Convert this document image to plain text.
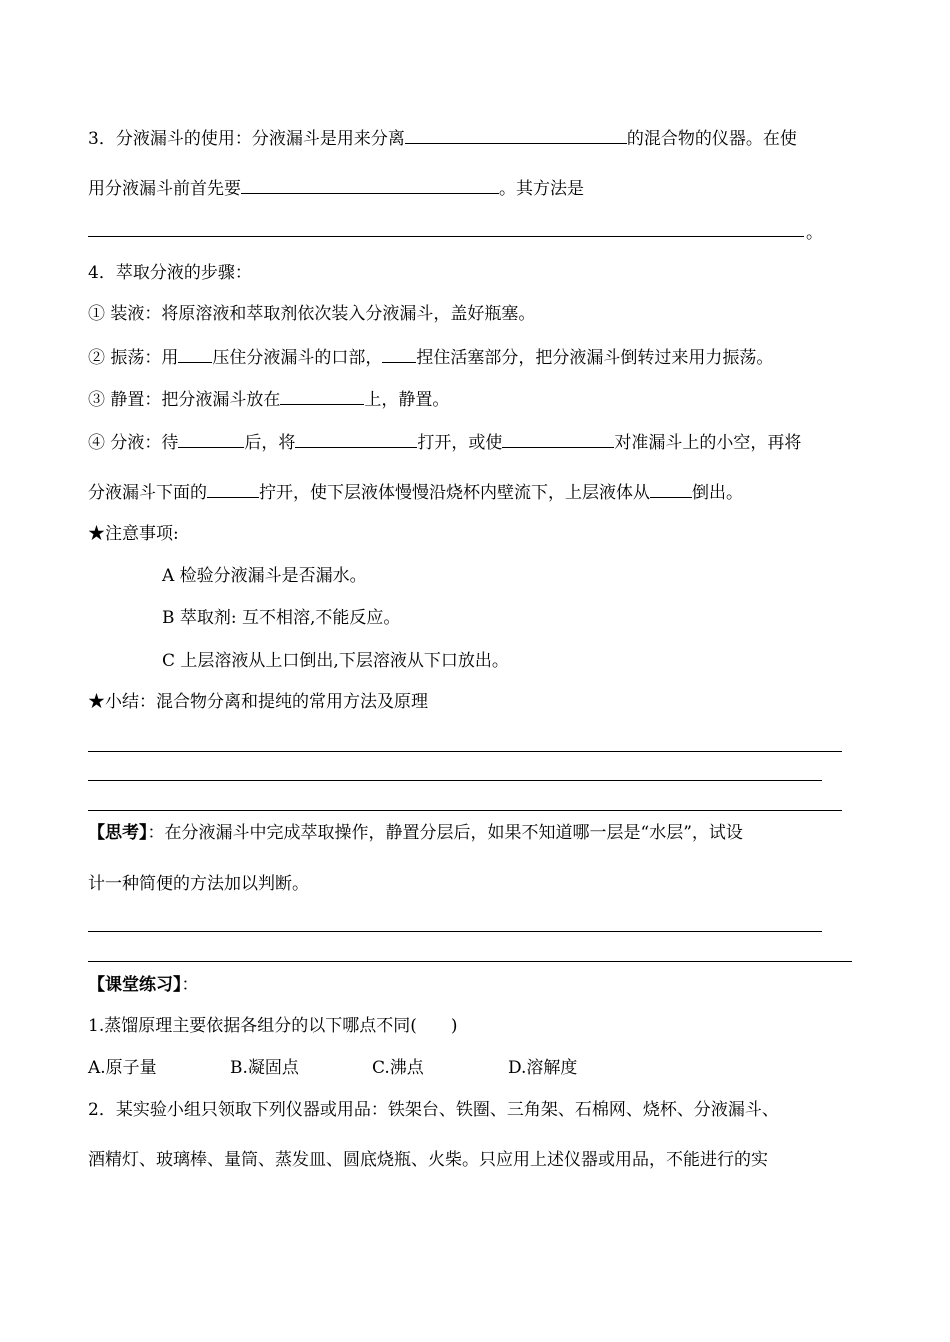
3．分液漏斗的使用：分液漏斗是用来分离	的混合物的仪器。在使
用分液漏斗前首先要	。其方法是
。
4．萃取分液的步骤：
① 装液：将原溶液和萃取剂依次装入分液漏斗，盖好瓶塞。
② 振荡：用 压住分液漏斗的口部， 捏住活塞部分，把分液漏斗倒转过来用力振荡。
③ 静置：把分液漏斗放在	上，静置。
④ 分液：待	后，将	打开，或使	对准漏斗上的小空，再将
分液漏斗下面的	拧开，使下层液体慢慢沿烧杯内壁流下，上层液体从 倒出。
★注意事项:
A 检验分液漏斗是否漏水。
B 萃取剂: 互不相溶,不能反应。
C 上层溶液从上口倒出,下层溶液从下口放出。
★小结：混合物分离和提纯的常用方法及原理
【思考】：在分液漏斗中完成萃取操作，静置分层后，如果不知道哪一层是“水层”，试设
计一种简便的方法加以判断。
【课堂练习】：
1.蒸馏原理主要依据各组分的以下哪点不同(　　)
A.原子量	B.凝固点	C.沸点	D.溶解度
2．某实验小组只领取下列仪器或用品：铁架台、铁圈、三角架、石棉网、烧杯、分液漏斗、
酒精灯、玻璃棒、量筒、蒸发皿、圆底烧瓶、火柴。只应用上述仪器或用品，不能进行的实
